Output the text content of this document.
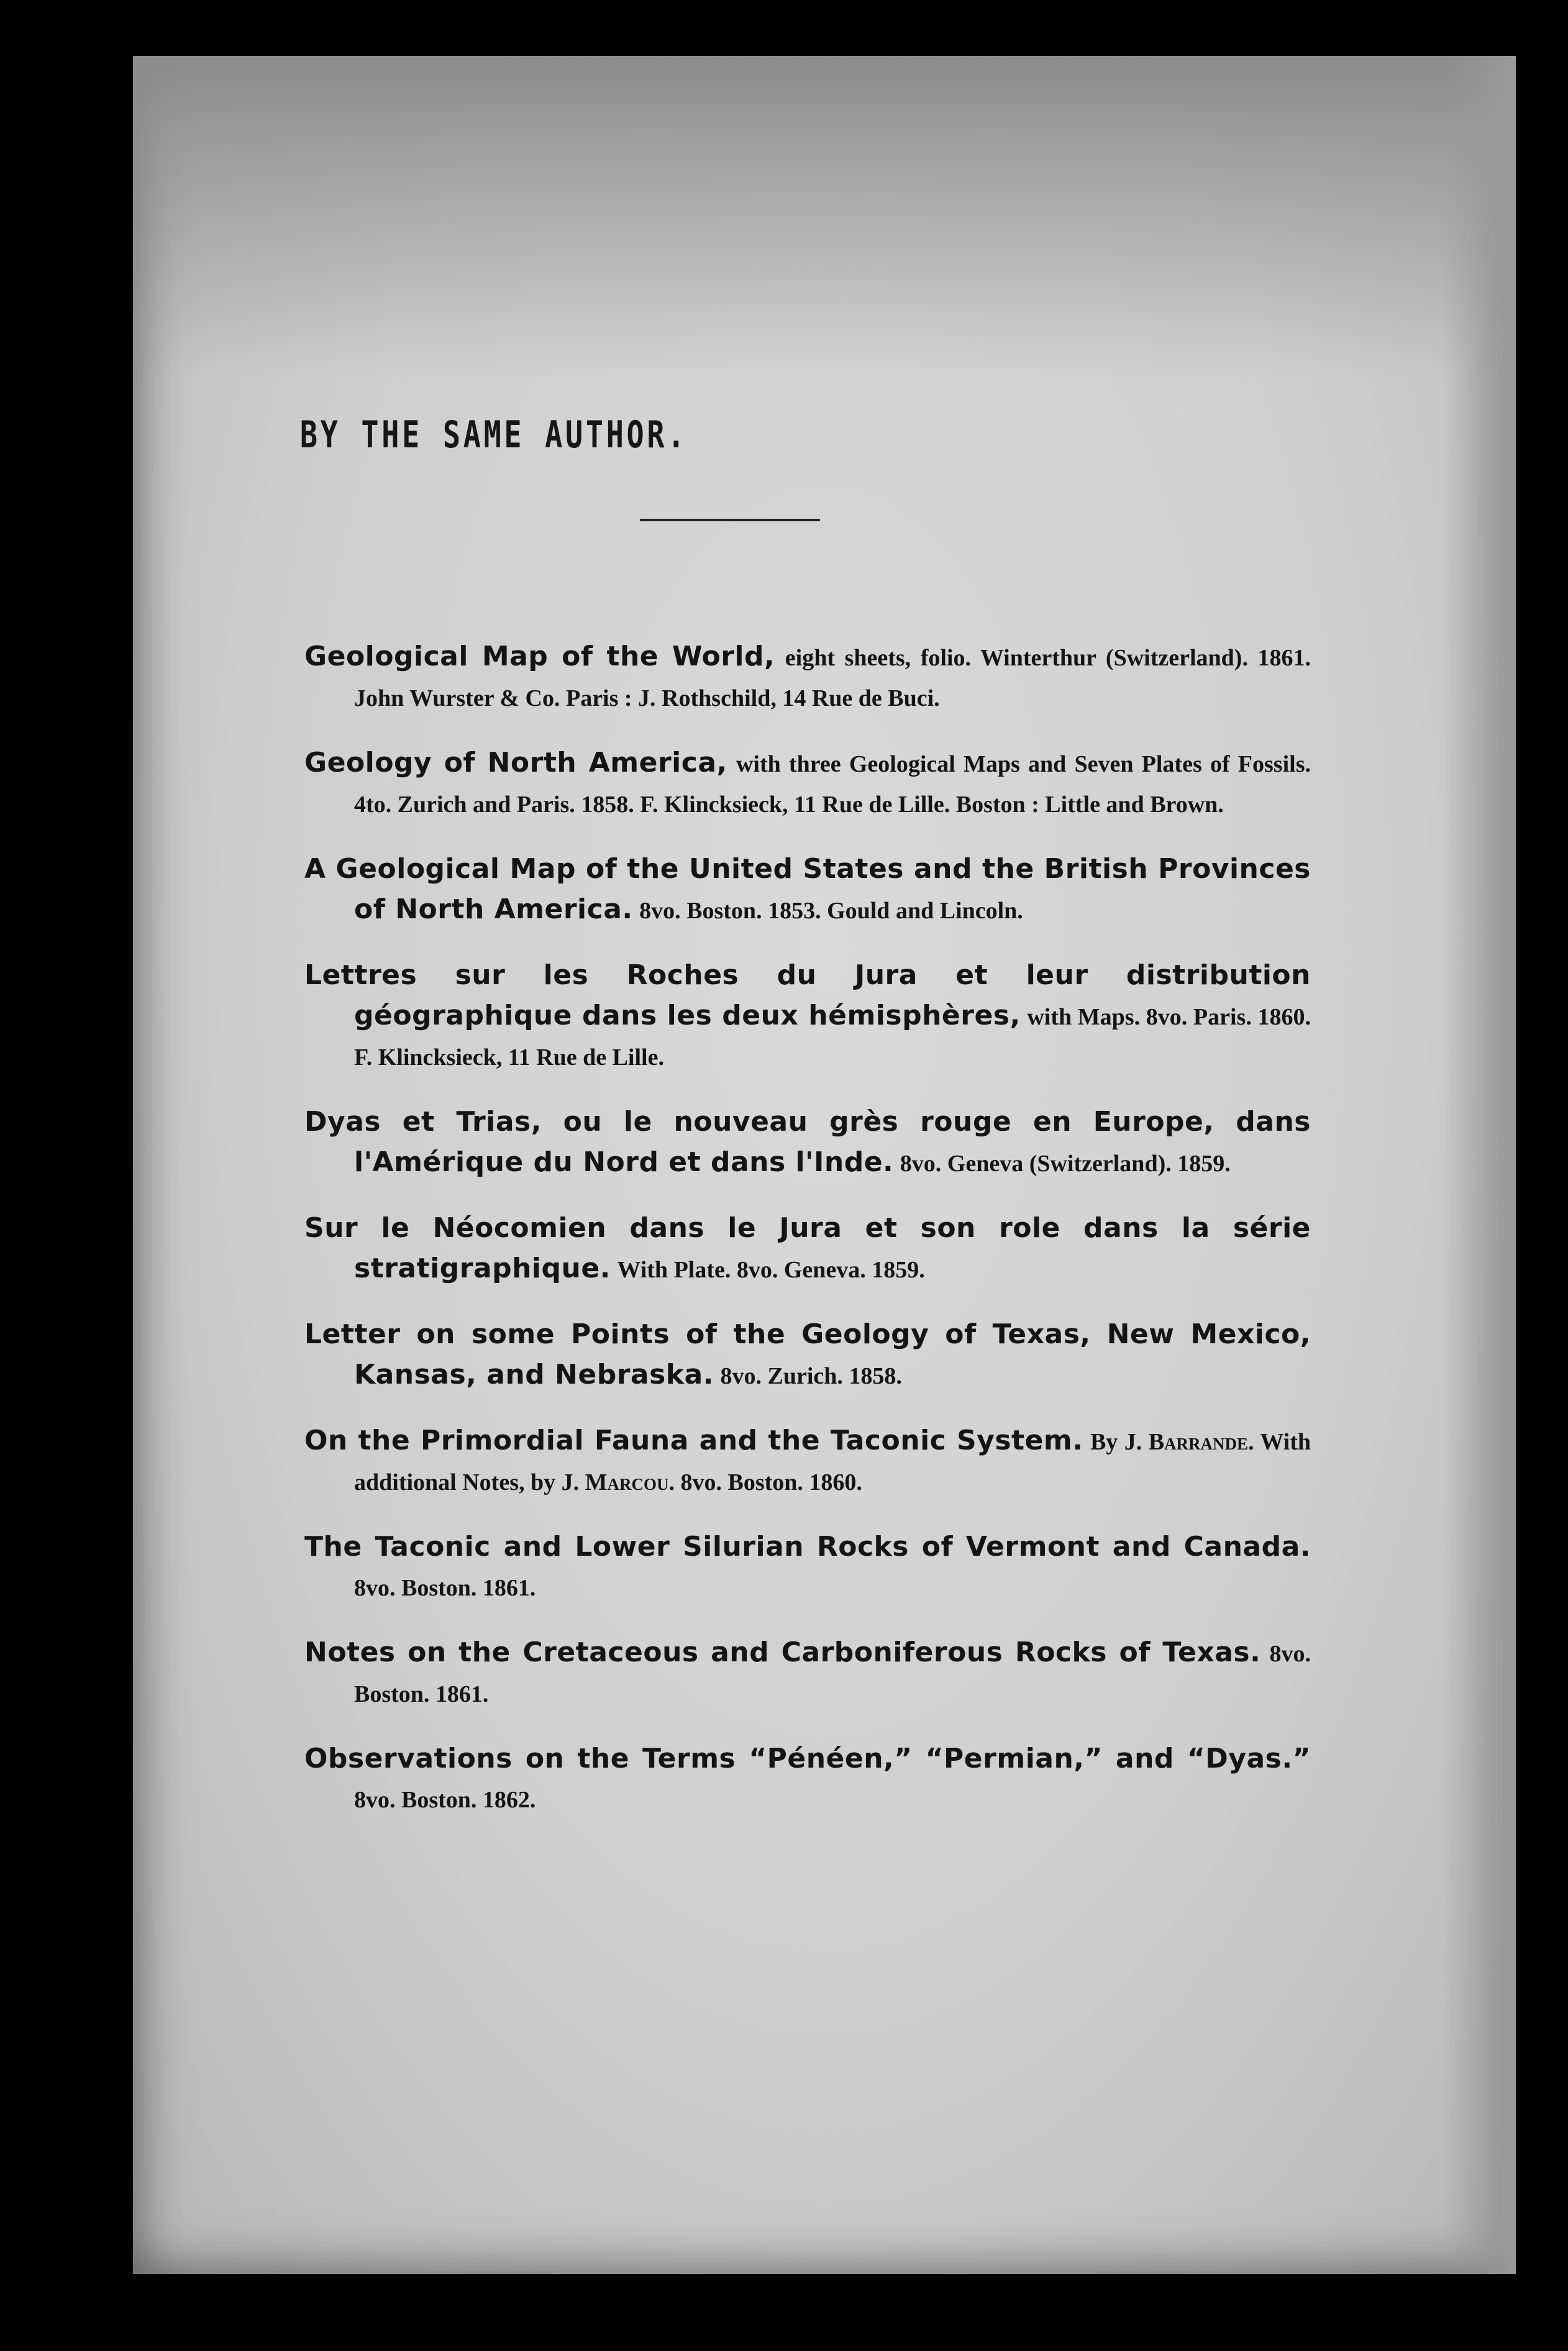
BY THE SAME AUTHOR.

Geological Map of the World, eight sheets, folio. Winterthur (Switzerland). 1861. John Wurster & Co. Paris : J. Rothschild, 14 Rue de Buci.

Geology of North America, with three Geological Maps and Seven Plates of Fossils. 4to. Zurich and Paris. 1858. F. Klincksieck, 11 Rue de Lille. Boston : Little and Brown.

A Geological Map of the United States and the British Provinces of North America. 8vo. Boston. 1853. Gould and Lincoln.

Lettres sur les Roches du Jura et leur distribution géographique dans les deux hémisphères, with Maps. 8vo. Paris. 1860. F. Klincksieck, 11 Rue de Lille.

Dyas et Trias, ou le nouveau grès rouge en Europe, dans l'Amérique du Nord et dans l'Inde. 8vo. Geneva (Switzerland). 1859.

Sur le Néocomien dans le Jura et son role dans la série stratigraphique. With Plate. 8vo. Geneva. 1859.

Letter on some Points of the Geology of Texas, New Mexico, Kansas, and Nebraska. 8vo. Zurich. 1858.

On the Primordial Fauna and the Taconic System. By J. Barrande. With additional Notes, by J. Marcou. 8vo. Boston. 1860.

The Taconic and Lower Silurian Rocks of Vermont and Canada. 8vo. Boston. 1861.

Notes on the Cretaceous and Carboniferous Rocks of Texas. 8vo. Boston. 1861.

Observations on the Terms “Pénéen,” “Permian,” and “Dyas.” 8vo. Boston. 1862.
